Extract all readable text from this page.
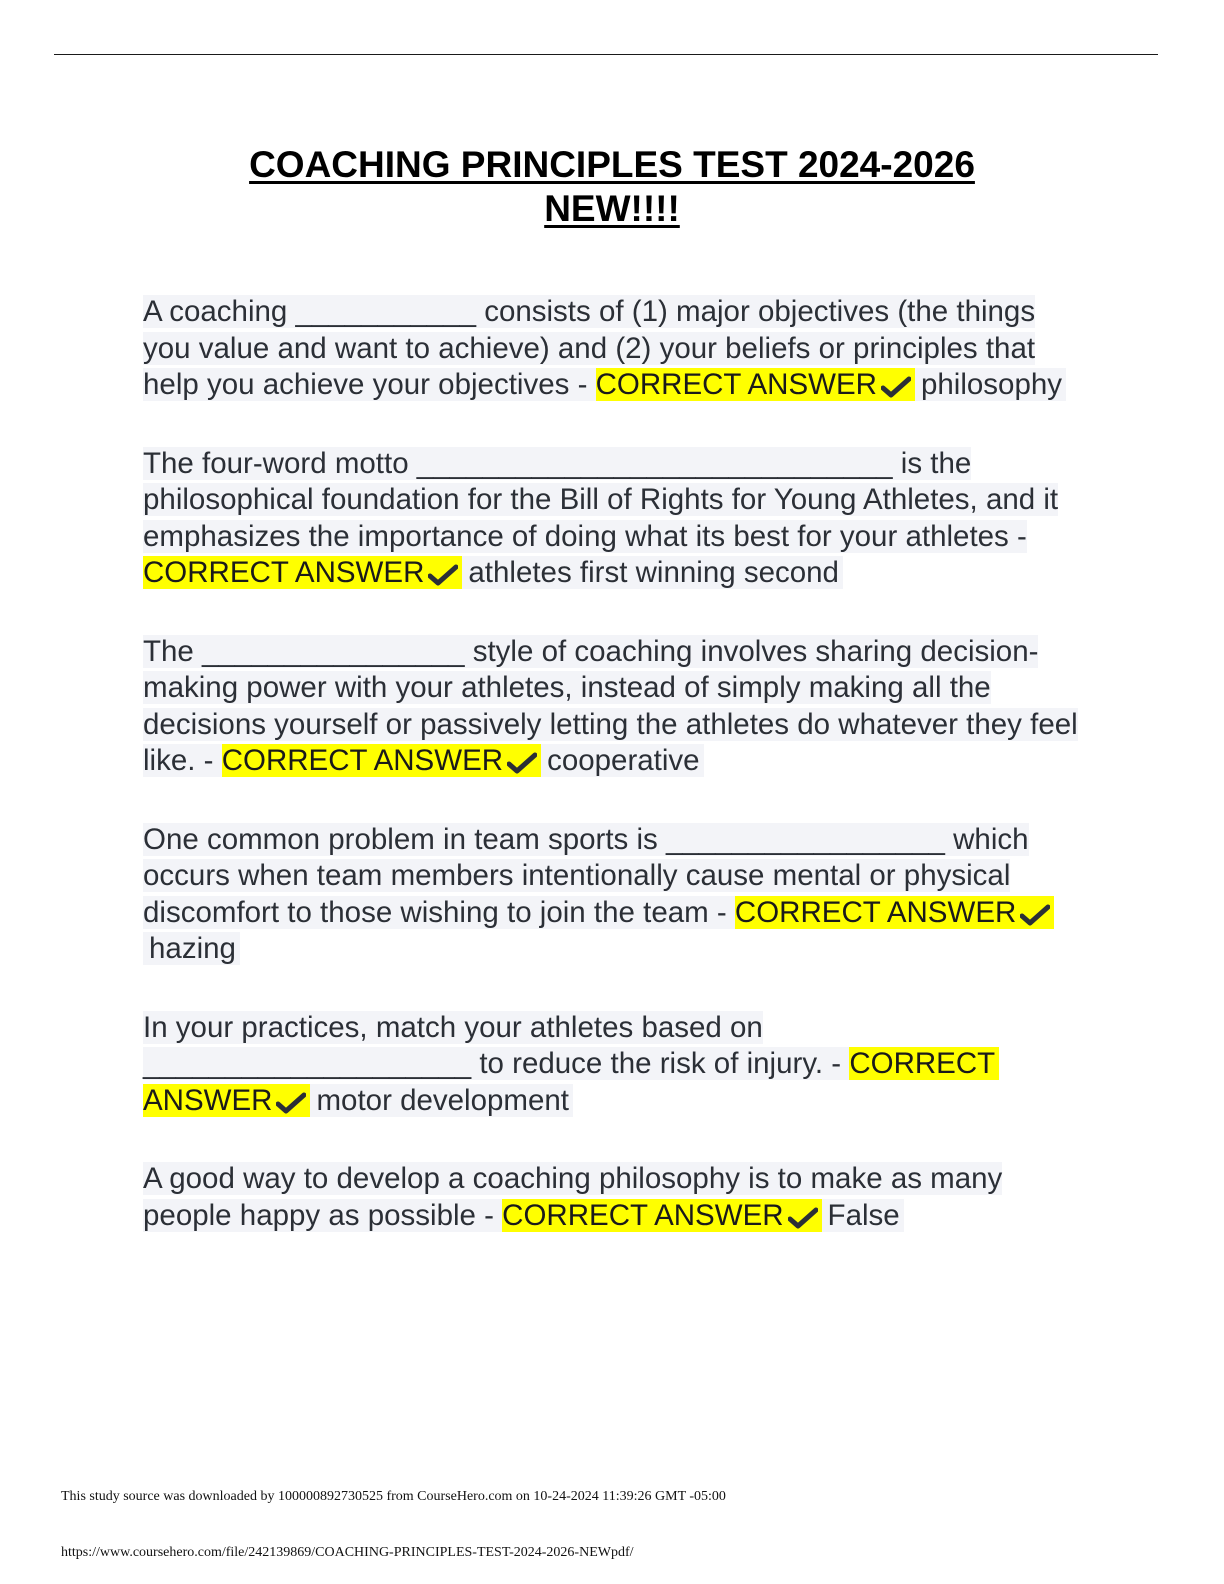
COACHING PRINCIPLES TEST 2024-2026
NEW!!!!
A coaching ___________ consists of (1) major objectives (the things you value and want to achieve) and (2) your beliefs or principles that help you achieve your objectives - CORRECT ANSWER philosophy
The four-word motto _____________________________ is the philosophical foundation for the Bill of Rights for Young Athletes, and it emphasizes the importance of doing what its best for your athletes - CORRECT ANSWER athletes first winning second
The ________________ style of coaching involves sharing decision-making power with your athletes, instead of simply making all the decisions yourself or passively letting the athletes do whatever they feel like. - CORRECT ANSWER cooperative
One common problem in team sports is _________________ which occurs when team members intentionally cause mental or physical discomfort to those wishing to join the team - CORRECT ANSWERhazing
In your practices, match your athletes based on ____________________ to reduce the risk of injury. - CORRECT ANSWER motor development
A good way to develop a coaching philosophy is to make as many people happy as possible - CORRECT ANSWER False
This study source was downloaded by 100000892730525 from CourseHero.com on 10-24-2024 11:39:26 GMT -05:00
https://www.coursehero.com/file/242139869/COACHING-PRINCIPLES-TEST-2024-2026-NEWpdf/
